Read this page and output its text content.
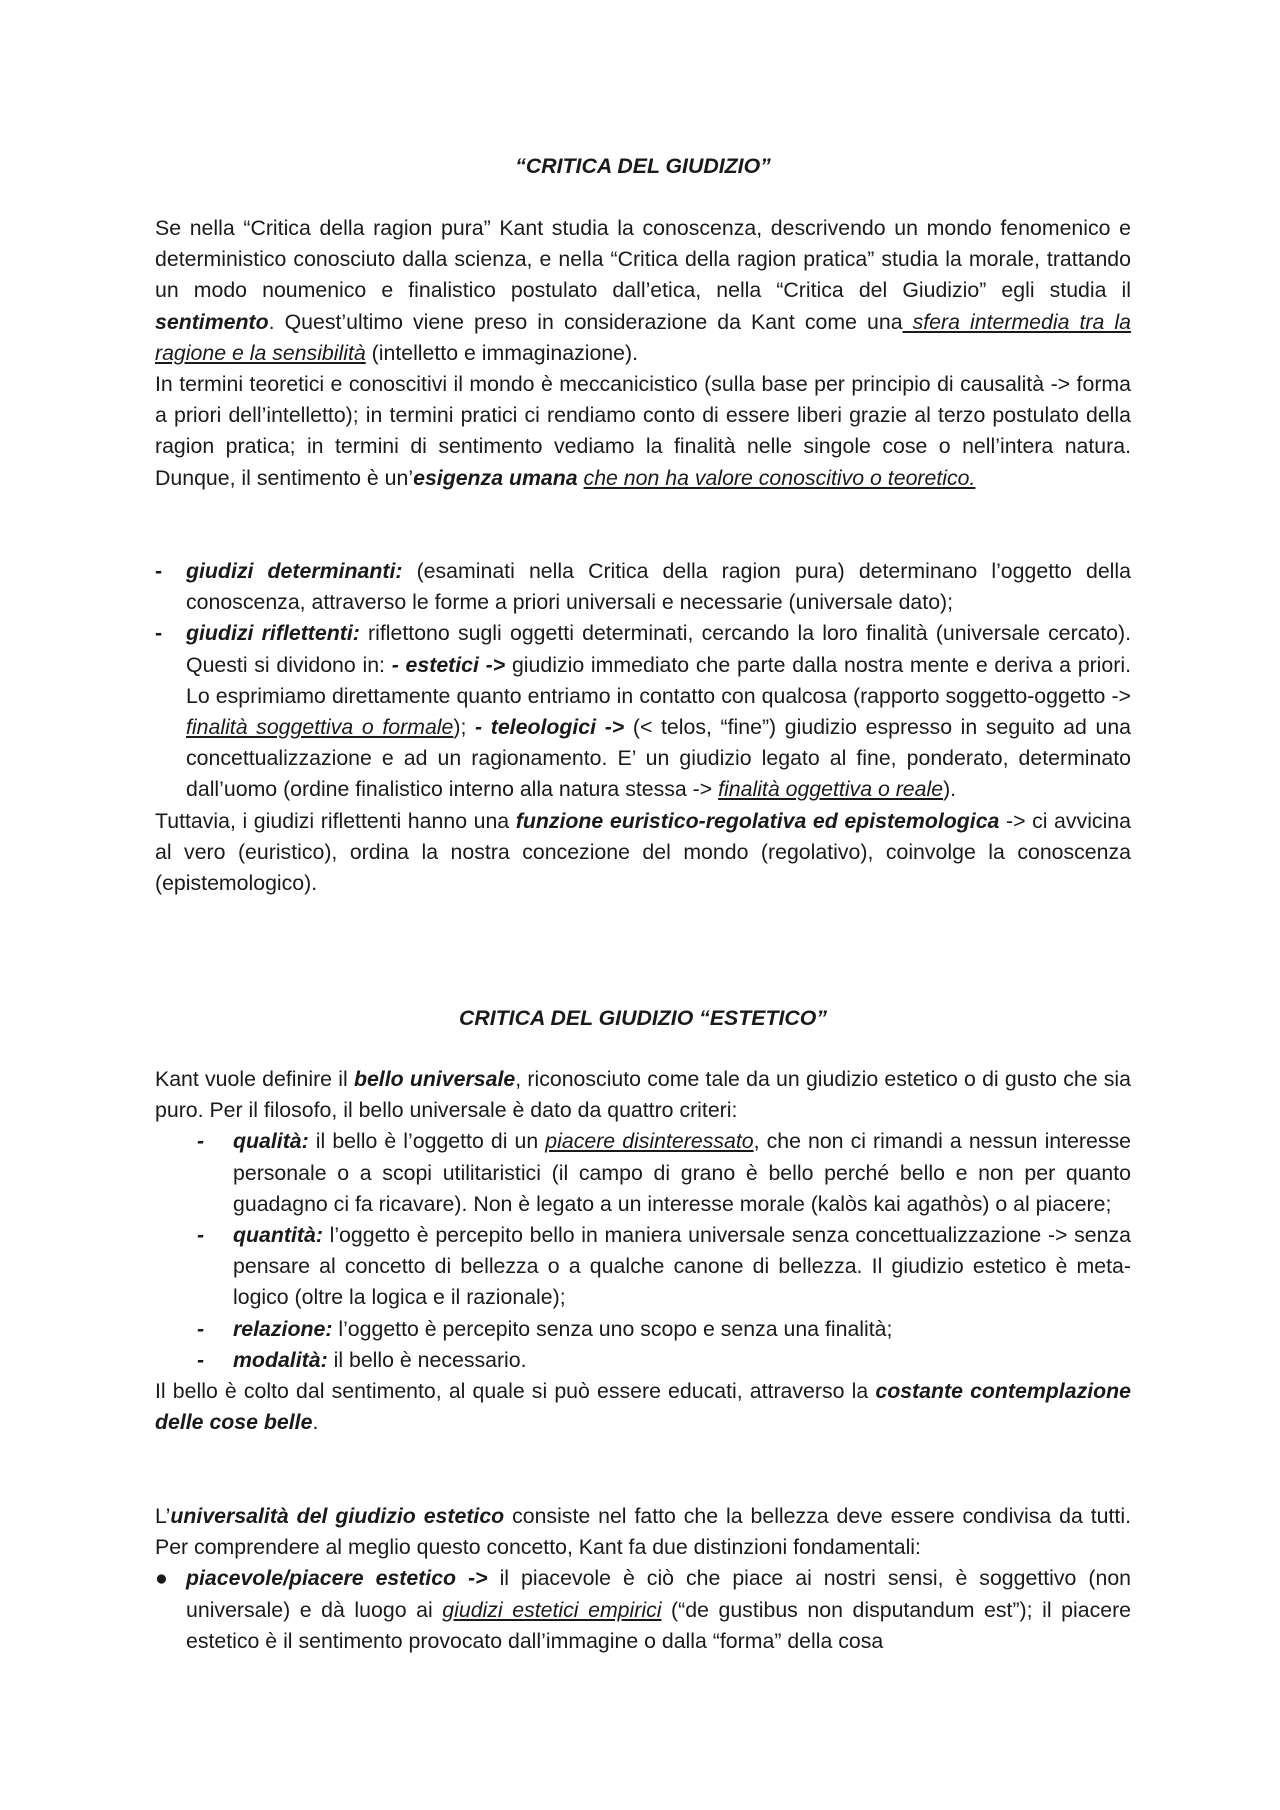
“CRITICA DEL GIUDIZIO”

Se nella “Critica della ragion pura” Kant studia la conoscenza, descrivendo un mondo fenomenico e deterministico conosciuto dalla scienza, e nella “Critica della ragion pratica” studia la morale, trattando un modo noumenico e finalistico postulato dall’etica, nella “Critica del Giudizio” egli studia il sentimento. Quest’ultimo viene preso in considerazione da Kant come una sfera intermedia tra la ragione e la sensibilità (intelletto e immaginazione).

In termini teoretici e conoscitivi il mondo è meccanicistico (sulla base per principio di causalità -> forma a priori dell’intelletto); in termini pratici ci rendiamo conto di essere liberi grazie al terzo postulato della ragion pratica; in termini di sentimento vediamo la finalità nelle singole cose o nell’intera natura. Dunque, il sentimento è un’esigenza umana che non ha valore conoscitivo o teoretico.

- giudizi determinanti: (esaminati nella Critica della ragion pura) determinano l’oggetto della conoscenza, attraverso le forme a priori universali e necessarie (universale dato);
- giudizi riflettenti: riflettono sugli oggetti determinati, cercando la loro finalità (universale cercato). Questi si dividono in: - estetici -> giudizio immediato che parte dalla nostra mente e deriva a priori. Lo esprimiamo direttamente quanto entriamo in contatto con qualcosa (rapporto soggetto-oggetto -> finalità soggettiva o formale); - teleologici -> (< telos, “fine”) giudizio espresso in seguito ad una concettualizzazione e ad un ragionamento. E’ un giudizio legato al fine, ponderato, determinato dall’uomo (ordine finalistico interno alla natura stessa -> finalità oggettiva o reale).

Tuttavia, i giudizi riflettenti hanno una funzione euristico-regolativa ed epistemologica -> ci avvicina al vero (euristico), ordina la nostra concezione del mondo (regolativo), coinvolge la conoscenza (epistemologico).

CRITICA DEL GIUDIZIO “ESTETICO”

Kant vuole definire il bello universale, riconosciuto come tale da un giudizio estetico o di gusto che sia puro. Per il filosofo, il bello universale è dato da quattro criteri:

- qualità: il bello è l’oggetto di un piacere disinteressato, che non ci rimandi a nessun interesse personale o a scopi utilitaristici (il campo di grano è bello perché bello e non per quanto guadagno ci fa ricavare). Non è legato a un interesse morale (kalòs kai agathòs) o al piacere;
- quantità: l’oggetto è percepito bello in maniera universale senza concettualizzazione -> senza pensare al concetto di bellezza o a qualche canone di bellezza. Il giudizio estetico è meta-logico (oltre la logica e il razionale);
- relazione: l’oggetto è percepito senza uno scopo e senza una finalità;
- modalità: il bello è necessario.

Il bello è colto dal sentimento, al quale si può essere educati, attraverso la costante contemplazione delle cose belle.

L’universalità del giudizio estetico consiste nel fatto che la bellezza deve essere condivisa da tutti. Per comprendere al meglio questo concetto, Kant fa due distinzioni fondamentali:

● piacevole/piacere estetico -> il piacevole è ciò che piace ai nostri sensi, è soggettivo (non universale) e dà luogo ai giudizi estetici empirici (“de gustibus non disputandum est”); il piacere estetico è il sentimento provocato dall’immagine o dalla “forma” della cosa
